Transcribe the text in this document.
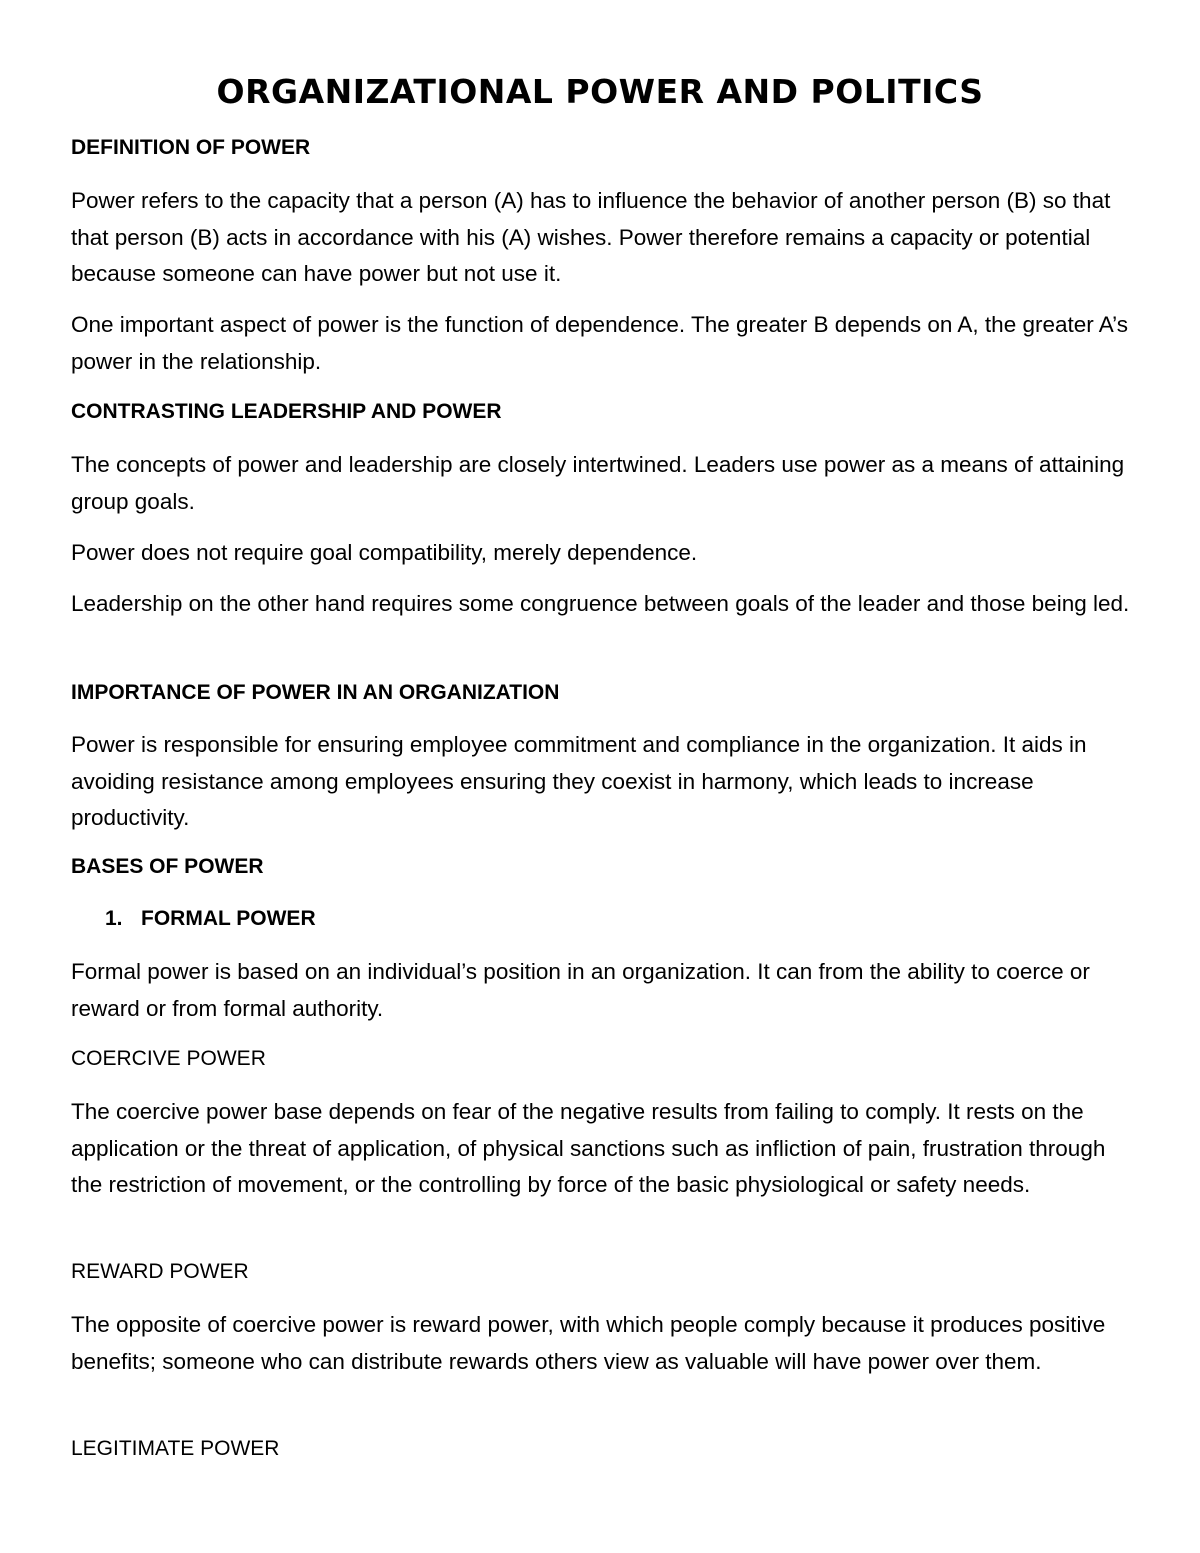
ORGANIZATIONAL POWER AND POLITICS
DEFINITION OF POWER
Power refers to the capacity that a person (A) has to influence the behavior of another person (B) so that that person (B) acts in accordance with his (A) wishes. Power therefore remains a capacity or potential because someone can have power but not use it.
One important aspect of power is the function of dependence. The greater B depends on A, the greater A’s power in the relationship.
CONTRASTING LEADERSHIP AND POWER
The concepts of power and leadership are closely intertwined. Leaders use power as a means of attaining group goals.
Power does not require goal compatibility, merely dependence.
Leadership on the other hand requires some congruence between goals of the leader and those being led.
IMPORTANCE OF POWER IN AN ORGANIZATION
Power is responsible for ensuring employee commitment and compliance in the organization. It aids in avoiding resistance among employees ensuring they coexist in harmony, which leads to increase productivity.
BASES OF POWER
1. FORMAL POWER
Formal power is based on an individual’s position in an organization. It can from the ability to coerce or reward or from formal authority.
COERCIVE POWER
The coercive power base depends on fear of the negative results from failing to comply. It rests on the application or the threat of application, of physical sanctions such as infliction of pain, frustration through the restriction of movement, or the controlling by force of the basic physiological or safety needs.
REWARD POWER
The opposite of coercive power is reward power, with which people comply because it produces positive benefits; someone who can distribute rewards others view as valuable will have power over them.
LEGITIMATE POWER
